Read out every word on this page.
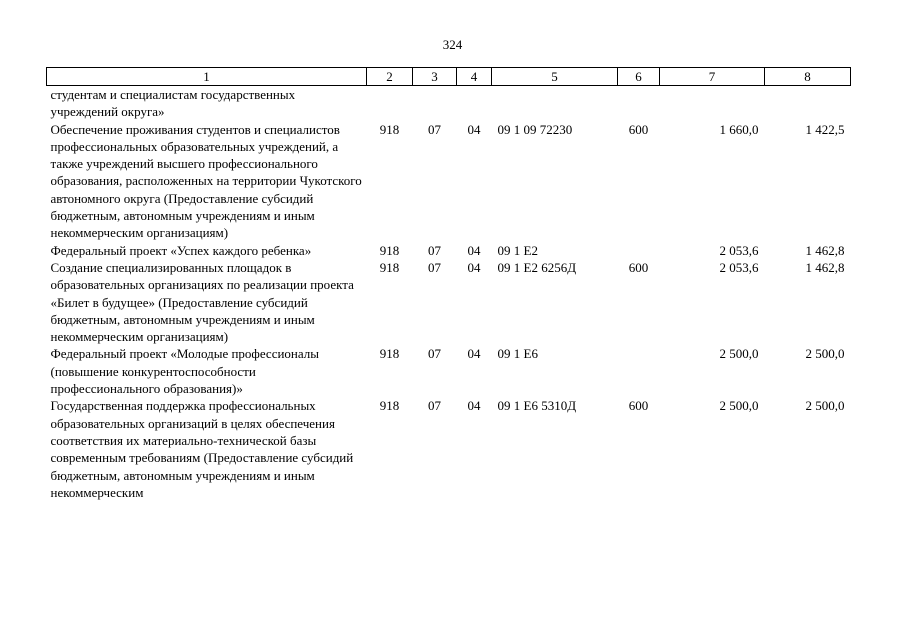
324
1	2	3	4	5	6	7	8
студентам и специалистам государственных учреждений округа»							
Обеспечение проживания студентов и специалистов профессиональных образовательных учреждений, а также учреждений высшего профессионального образования, расположенных на территории Чукотского автономного округа (Предоставление субсидий бюджетным, автономным учреждениям и иным некоммерческим организациям)	918	07	04	09 1 09 72230	600	1 660,0	1 422,5
Федеральный проект «Успех каждого ребенка»	918	07	04	09 1 E2		2 053,6	1 462,8
Создание специализированных площадок в образовательных организациях по реализации проекта «Билет в будущее» (Предоставление субсидий бюджетным, автономным учреждениям и иным некоммерческим организациям)	918	07	04	09 1 E2 6256Д	600	2 053,6	1 462,8
Федеральный проект «Молодые профессионалы (повышение конкурентоспособности профессионального образования)»	918	07	04	09 1 E6		2 500,0	2 500,0
Государственная поддержка профессиональных образовательных организаций в целях обеспечения соответствия их материально-технической базы современным требованиям (Предоставление субсидий бюджетным, автономным учреждениям и иным некоммерческим	918	07	04	09 1 E6 5310Д	600	2 500,0	2 500,0
